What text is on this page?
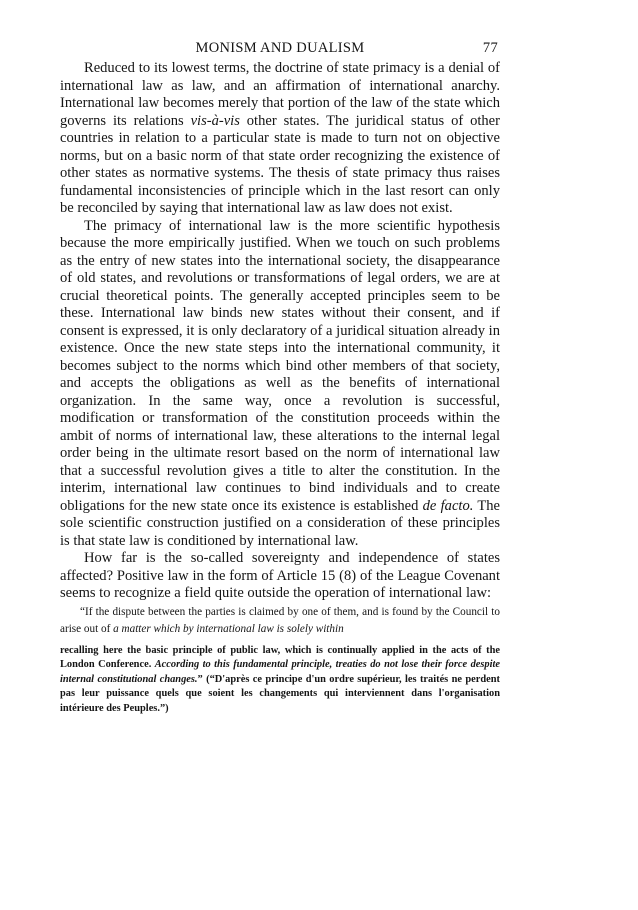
MONISM AND DUALISM	77

Reduced to its lowest terms, the doctrine of state primacy is a denial of international law as law, and an affirmation of international anarchy. International law becomes merely that portion of the law of the state which governs its relations vis-à-vis other states. The juridical status of other countries in relation to a particular state is made to turn not on objective norms, but on a basic norm of that state order recognizing the existence of other states as normative systems. The thesis of state primacy thus raises fundamental inconsistencies of principle which in the last resort can only be reconciled by saying that international law as law does not exist.

The primacy of international law is the more scientific hypothesis because the more empirically justified. When we touch on such problems as the entry of new states into the international society, the disappearance of old states, and revolutions or transformations of legal orders, we are at crucial theoretical points. The generally accepted principles seem to be these. International law binds new states without their consent, and if consent is expressed, it is only declaratory of a juridical situation already in existence. Once the new state steps into the international community, it becomes subject to the norms which bind other members of that society, and accepts the obligations as well as the benefits of international organization. In the same way, once a revolution is successful, modification or transformation of the constitution proceeds within the ambit of norms of international law, these alterations to the internal legal order being in the ultimate resort based on the norm of international law that a successful revolution gives a title to alter the constitution. In the interim, international law continues to bind individuals and to create obligations for the new state once its existence is established de facto. The sole scientific construction justified on a consideration of these principles is that state law is conditioned by international law.

How far is the so-called sovereignty and independence of states affected? Positive law in the form of Article 15 (8) of the League Covenant seems to recognize a field quite outside the operation of international law:

“If the dispute between the parties is claimed by one of them, and is found by the Council to arise out of a matter which by international law is solely within

recalling here the basic principle of public law, which is continually applied in the acts of the London Conference. According to this fundamental principle, treaties do not lose their force despite internal constitutional changes.” (“D'après ce principe d'un ordre supérieur, les traités ne perdent pas leur puissance quels que soient les changements qui interviennent dans l'organisation intérieure des Peuples.”)
